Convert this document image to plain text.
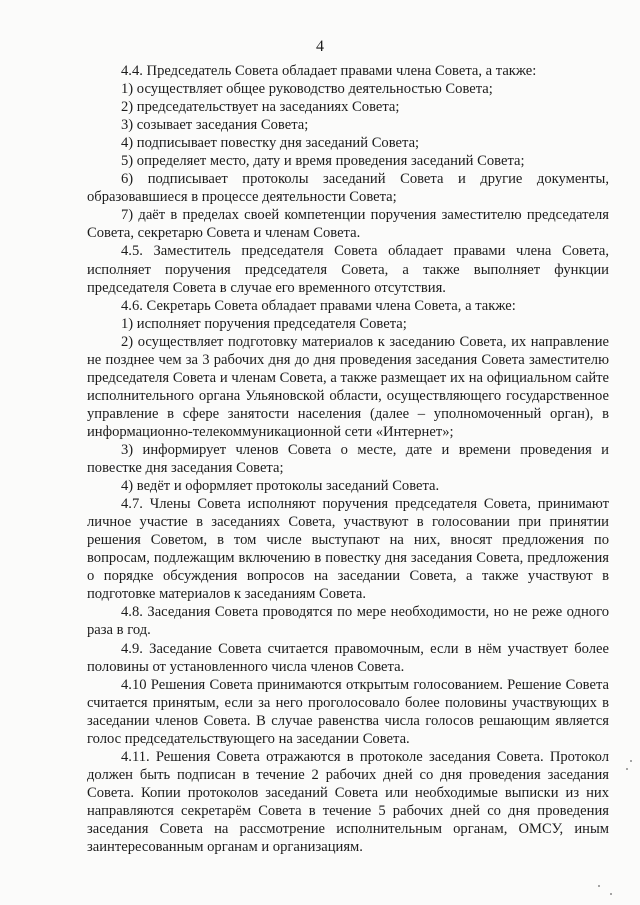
4

4.4. Председатель Совета обладает правами члена Совета, а также:

1) осуществляет общее руководство деятельностью Совета;

2) председательствует на заседаниях Совета;

3) созывает заседания Совета;

4) подписывает повестку дня заседаний Совета;

5) определяет место, дату и время проведения заседаний Совета;

6) подписывает протоколы заседаний Совета и другие документы, образовавшиеся в процессе деятельности Совета;

7) даёт в пределах своей компетенции поручения заместителю председателя Совета, секретарю Совета и членам Совета.

4.5. Заместитель председателя Совета обладает правами члена Совета, исполняет поручения председателя Совета, а также выполняет функции председателя Совета в случае его временного отсутствия.

4.6. Секретарь Совета обладает правами члена Совета, а также:

1) исполняет поручения председателя Совета;

2) осуществляет подготовку материалов к заседанию Совета, их направление не позднее чем за 3 рабочих дня до дня проведения заседания Совета заместителю председателя Совета и членам Совета, а также размещает их на официальном сайте исполнительного органа Ульяновской области, осуществляющего государственное управление в сфере занятости населения (далее – уполномоченный орган), в информационно-телекоммуникационной сети «Интернет»;

3) информирует членов Совета о месте, дате и времени проведения и повестке дня заседания Совета;

4) ведёт и оформляет протоколы заседаний Совета.

4.7. Члены Совета исполняют поручения председателя Совета, принимают личное участие в заседаниях Совета, участвуют в голосовании при принятии решения Советом, в том числе выступают на них, вносят предложения по вопросам, подлежащим включению в повестку дня заседания Совета, предложения о порядке обсуждения вопросов на заседании Совета, а также участвуют в подготовке материалов к заседаниям Совета.

4.8. Заседания Совета проводятся по мере необходимости, но не реже одного раза в год.

4.9. Заседание Совета считается правомочным, если в нём участвует более половины от установленного числа членов Совета.

4.10 Решения Совета принимаются открытым голосованием. Решение Совета считается принятым, если за него проголосовало более половины участвующих в заседании членов Совета. В случае равенства числа голосов решающим является голос председательствующего на заседании Совета.

4.11. Решения Совета отражаются в протоколе заседания Совета. Протокол должен быть подписан в течение 2 рабочих дней со дня проведения заседания Совета. Копии протоколов заседаний Совета или необходимые выписки из них направляются секретарём Совета в течение 5 рабочих дней со дня проведения заседания Совета на рассмотрение исполнительным органам, ОМСУ, иным заинтересованным органам и организациям.
